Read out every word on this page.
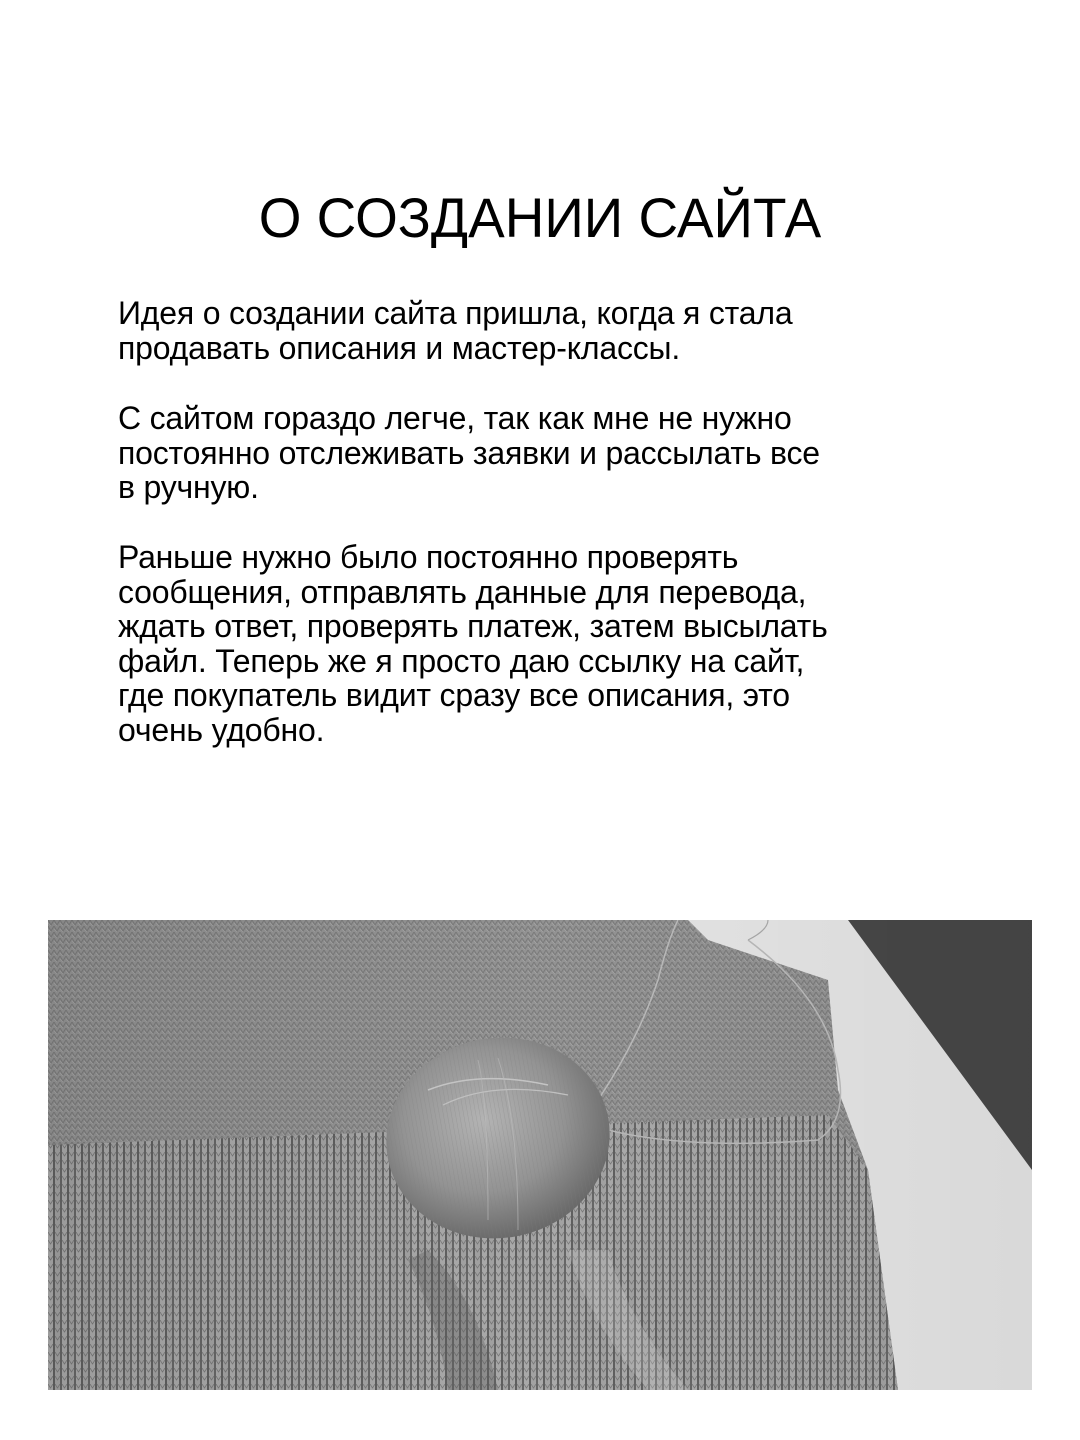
О СОЗДАНИИ САЙТА
Идея о создании сайта пришла, когда я стала
продавать описания и мастер-классы.
С сайтом гораздо легче, так как мне не нужно
постоянно отслеживать заявки и рассылать все
в ручную.
Раньше нужно было постоянно проверять
сообщения, отправлять данные для перевода,
ждать ответ, проверять платеж, затем высылать
файл. Теперь же я просто даю ссылку на сайт,
где покупатель видит сразу все описания, это
очень удобно.
